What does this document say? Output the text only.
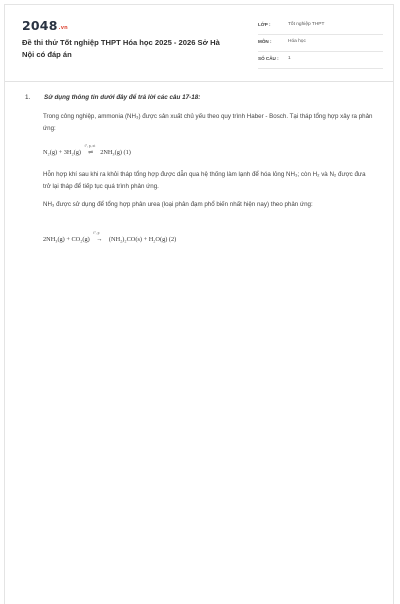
$2048^{.vn}$
Đề thi thử Tốt nghiệp THPT Hóa học 2025 - 2026 Sở Hà Nội có đáp án
LỚP :	Tốt nghiệp THPT
MÔN :	Hóa học
SỐ CÂU : 1
1. Sử dụng thông tin dưới đây để trả lời các câu 17-18:
Trong công nghiệp, ammonia (NH₃) được sản xuất chủ yếu theo quy trình Haber - Bosch. Tại tháp tổng hợp xảy ra phản ứng:
N₂(g) + 3H₂(g)
t°, p, xt
⇌ 2NH₃(g) (1)
Hỗn hợp khí sau khi ra khỏi tháp tổng hợp được dẫn qua hệ thống làm lạnh để hóa lỏng NH₃; còn H₂ và N₂ được đưa trở lại tháp để tiếp tục quá trình phản ứng.
NH₃ được sử dụng để tổng hợp phân urea (loại phân đạm phổ biến nhất hiện nay) theo phản ứng:
2NH₃(g) + CO₂(g)
t°, p
→ (NH₂)₂CO(s) + H₂O(g) (2)
